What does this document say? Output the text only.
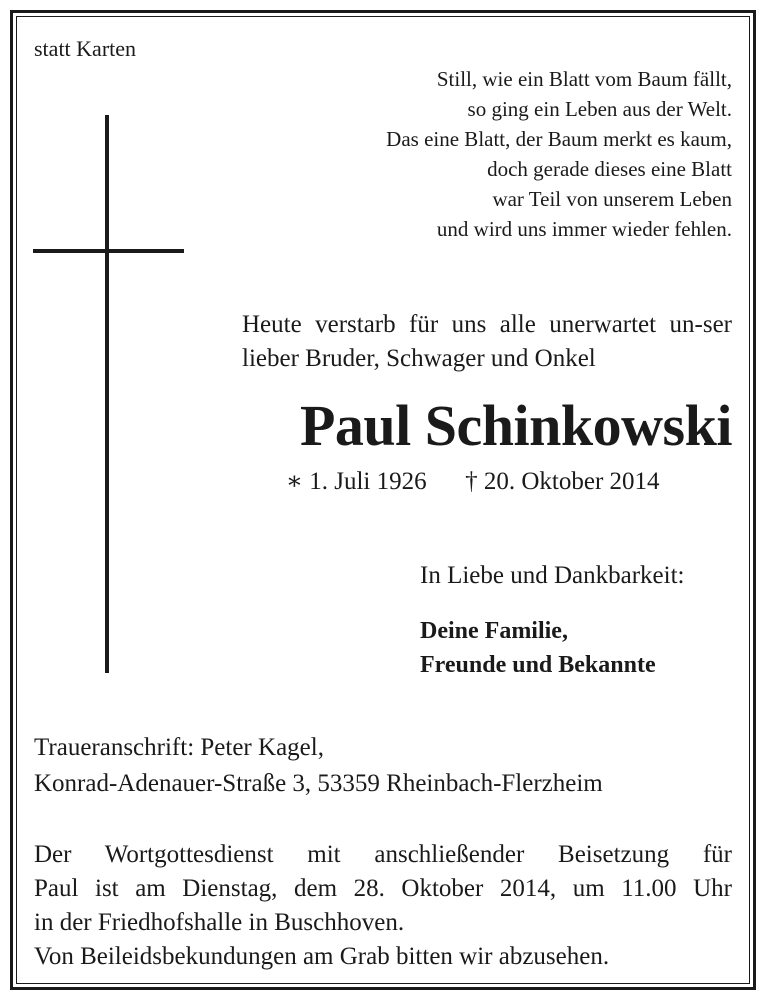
statt Karten
Still, wie ein Blatt vom Baum fällt,
so ging ein Leben aus der Welt.
Das eine Blatt, der Baum merkt es kaum,
doch gerade dieses eine Blatt
war Teil von unserem Leben
und wird uns immer wieder fehlen.
Heute verstarb für uns alle unerwartet un-ser lieber Bruder, Schwager und Onkel
Paul Schinkowski
∗ 1. Juli 1926 † 20. Oktober 2014
In Liebe und Dankbarkeit:
Deine Familie,
Freunde und Bekannte
Traueranschrift: Peter Kagel,
Konrad-Adenauer-Straße 3, 53359 Rheinbach-Flerzheim
Der Wortgottesdienst mit anschließender Beisetzung für
Paul ist am Dienstag, dem 28. Oktober 2014, um 11.00 Uhr
in der Friedhofshalle in Buschhoven.
Von Beileidsbekundungen am Grab bitten wir abzusehen.
